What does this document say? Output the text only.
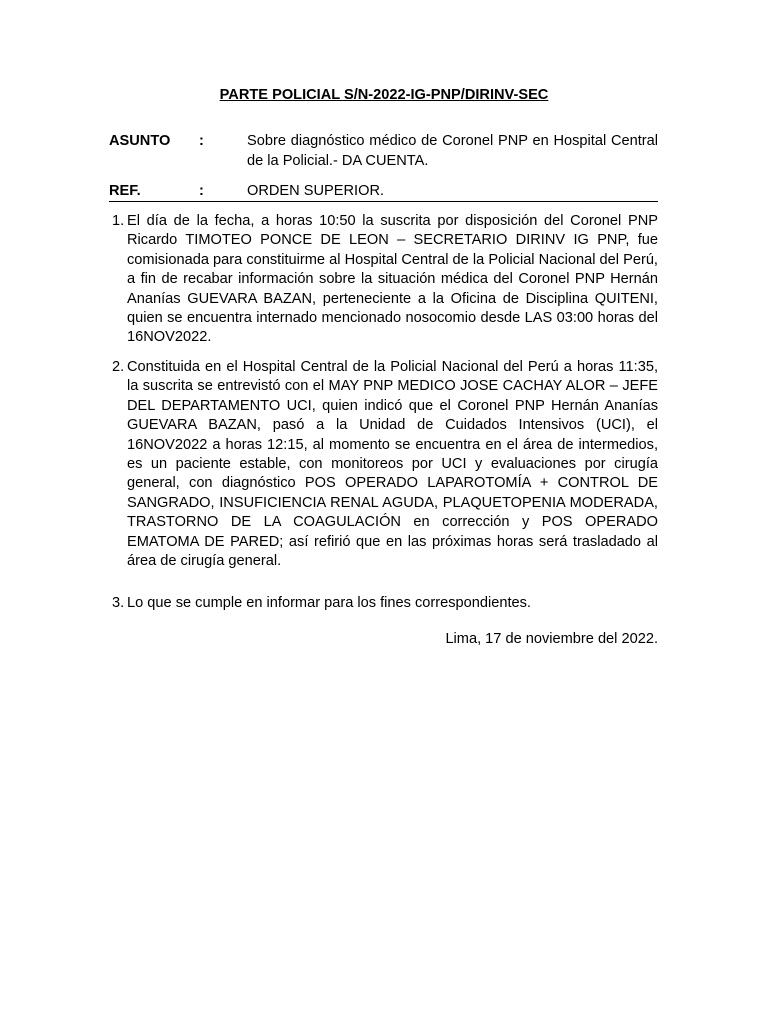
PARTE POLICIAL S/N-2022-IG-PNP/DIRINV-SEC
ASUNTO :	Sobre diagnóstico médico de Coronel PNP en Hospital Central de la Policial.- DA CUENTA.
REF.	:	ORDEN SUPERIOR.
1. El día de la fecha, a horas 10:50 la suscrita por disposición del Coronel PNP Ricardo TIMOTEO PONCE DE LEON – SECRETARIO DIRINV IG PNP, fue comisionada para constituirme al Hospital Central de la Policial Nacional del Perú, a fin de recabar información sobre la situación médica del Coronel PNP Hernán Ananías GUEVARA BAZAN, perteneciente a la Oficina de Disciplina QUITENI, quien se encuentra internado mencionado nosocomio desde LAS 03:00 horas del 16NOV2022.
2. Constituida en el Hospital Central de la Policial Nacional del Perú a horas 11:35, la suscrita se entrevistó con el MAY PNP MEDICO JOSE CACHAY ALOR – JEFE DEL DEPARTAMENTO UCI, quien indicó que el Coronel PNP Hernán Ananías GUEVARA BAZAN, pasó a la Unidad de Cuidados Intensivos (UCI), el 16NOV2022 a horas 12:15, al momento se encuentra en el área de intermedios, es un paciente estable, con monitoreos por UCI y evaluaciones por cirugía general, con diagnóstico POS OPERADO LAPAROTOMÍA + CONTROL DE SANGRADO, INSUFICIENCIA RENAL AGUDA, PLAQUETOPENIA MODERADA, TRASTORNO DE LA COAGULACIÓN en corrección y POS OPERADO EMATOMA DE PARED; así refirió que en las próximas horas será trasladado al área de cirugía general.
3. Lo que se cumple en informar para los fines correspondientes.
Lima, 17 de noviembre del 2022.
